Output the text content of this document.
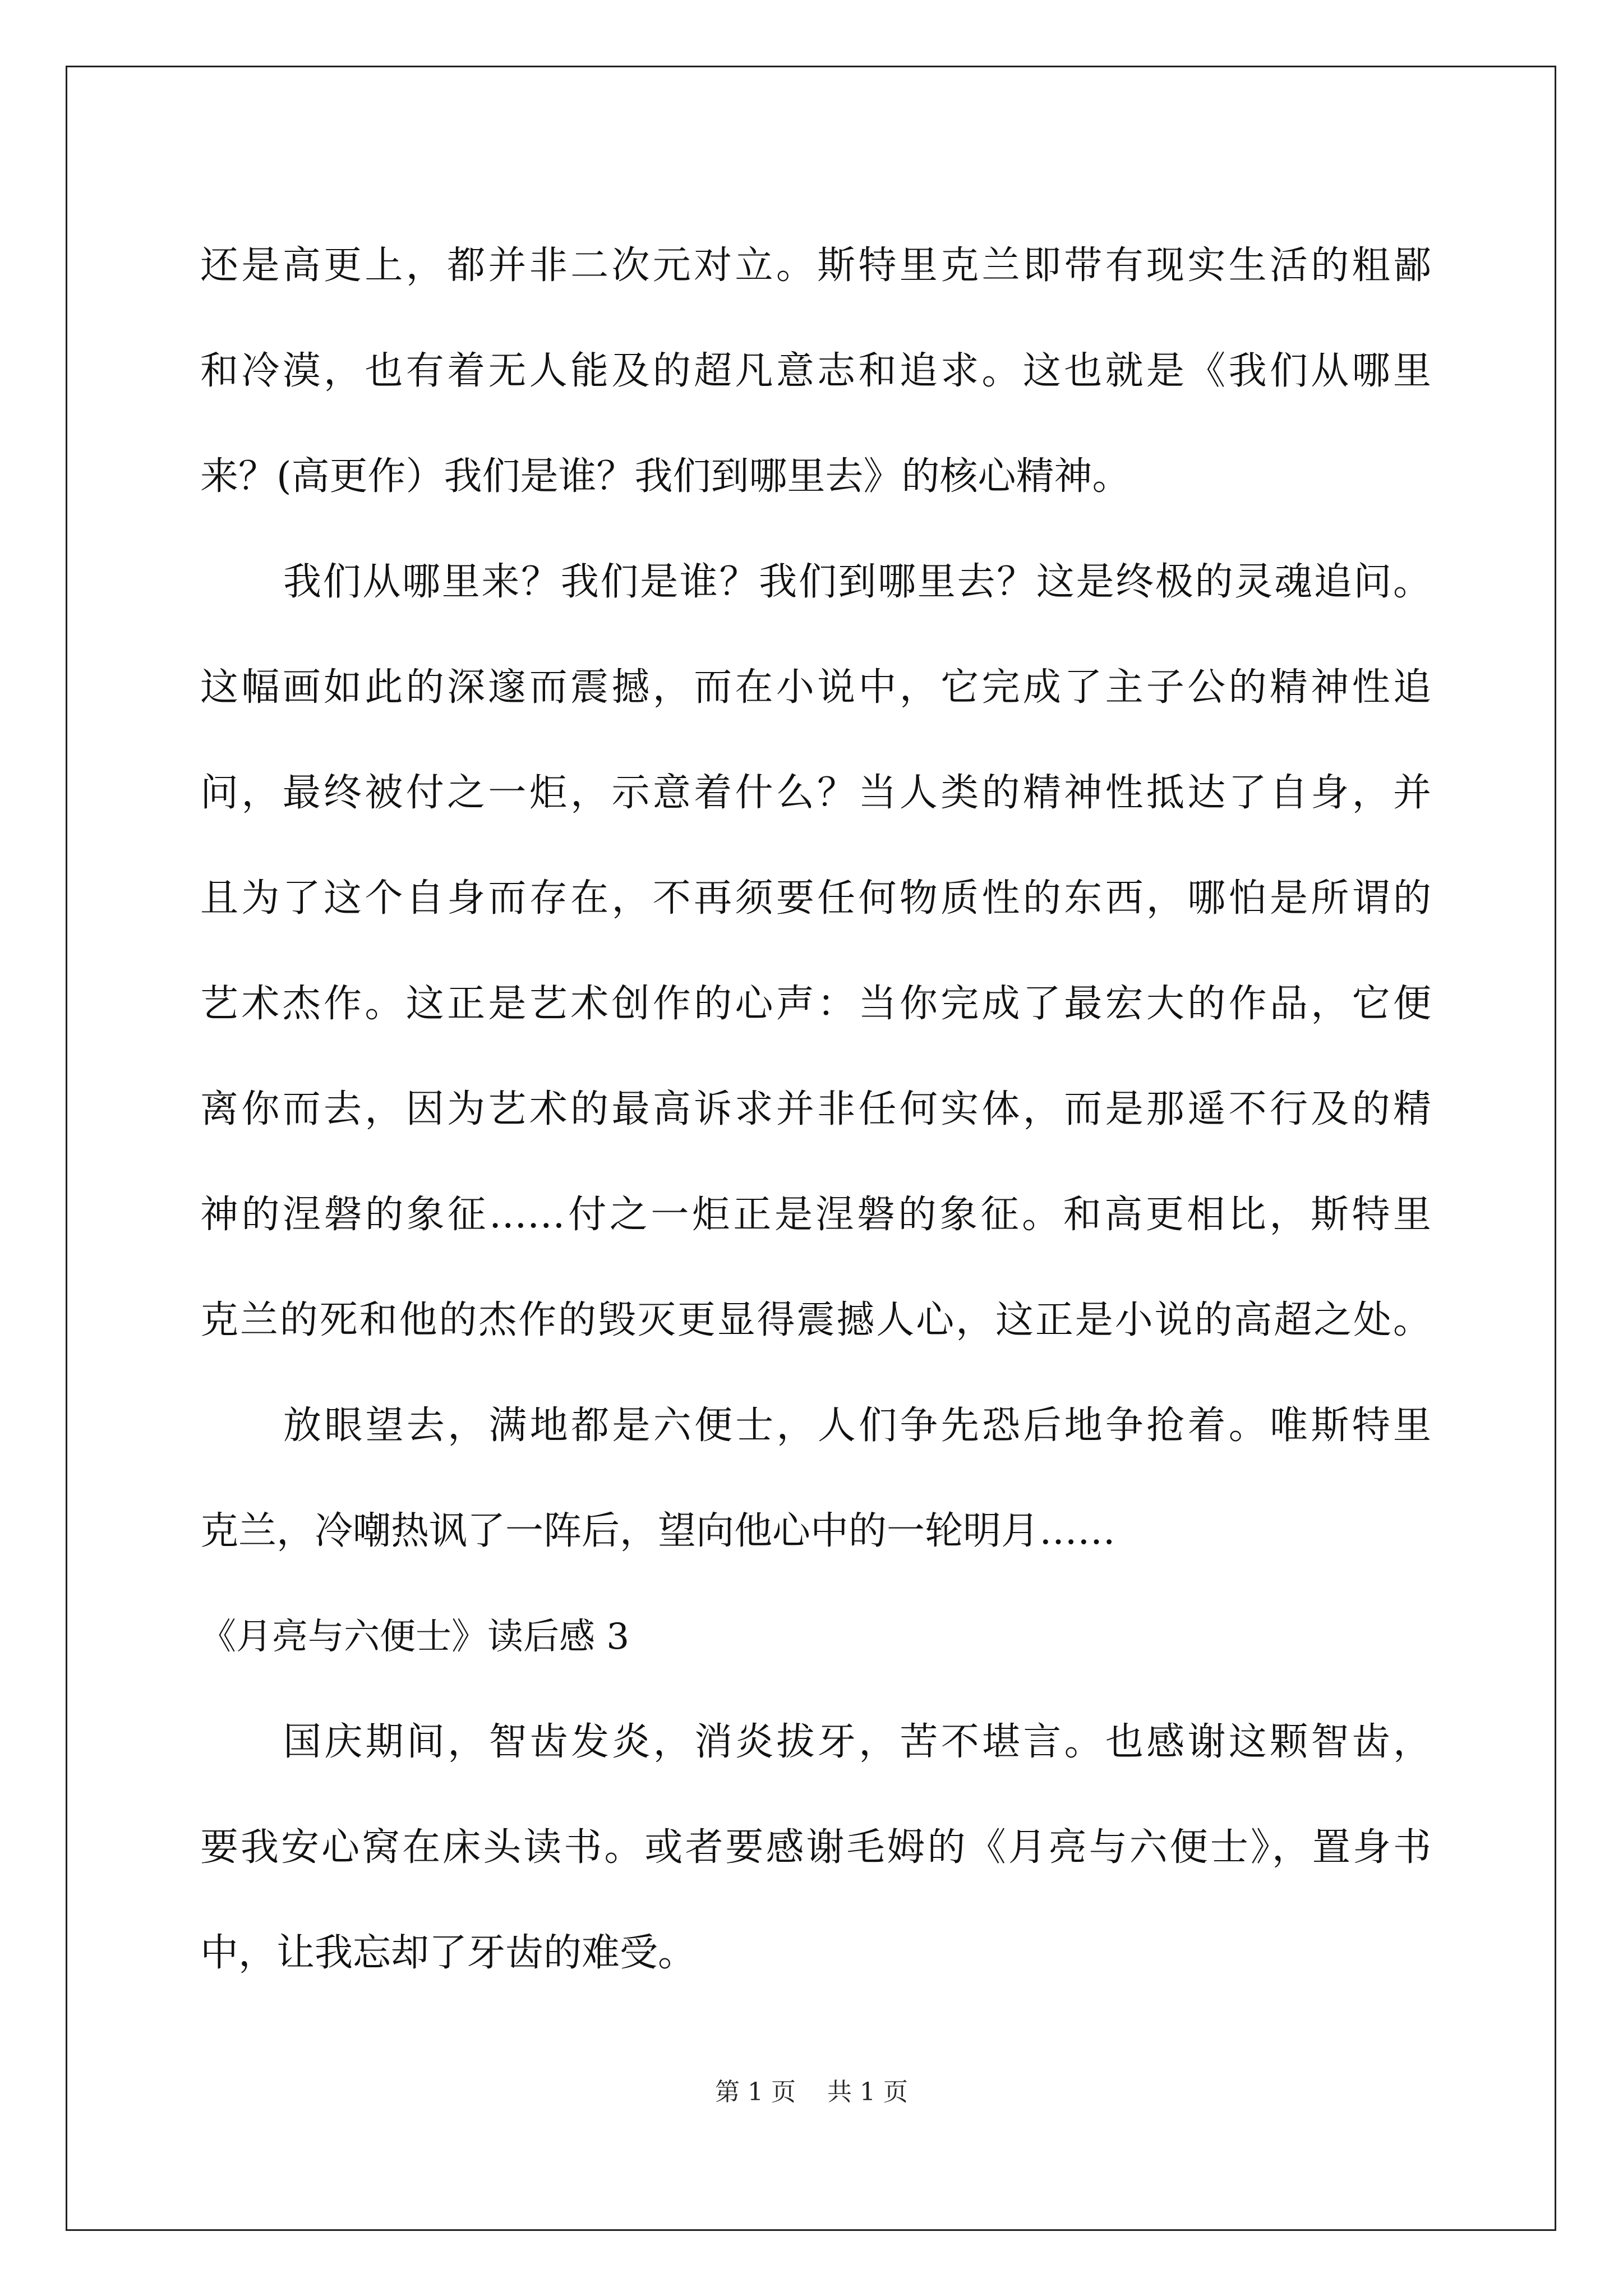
还是高更上，都并非二次元对立。斯特里克兰即带有现实生活的粗鄙
和冷漠，也有着无人能及的超凡意志和追求。这也就是《我们从哪里
来？(高更作）我们是谁？我们到哪里去》的核心精神。
我们从哪里来？我们是谁？我们到哪里去？这是终极的灵魂追问。
这幅画如此的深邃而震撼，而在小说中，它完成了主子公的精神性追
问，最终被付之一炬，示意着什么？当人类的精神性抵达了自身，并
且为了这个自身而存在，不再须要任何物质性的东西，哪怕是所谓的
艺术杰作。这正是艺术创作的心声：当你完成了最宏大的作品，它便
离你而去，因为艺术的最高诉求并非任何实体，而是那遥不行及的精
神的涅磐的象征……付之一炬正是涅磐的象征。和高更相比，斯特里
克兰的死和他的杰作的毁灭更显得震撼人心，这正是小说的高超之处。
放眼望去，满地都是六便士，人们争先恐后地争抢着。唯斯特里
克兰，冷嘲热讽了一阵后，望向他心中的一轮明月……
《月亮与六便士》读后感 3
国庆期间，智齿发炎，消炎拔牙，苦不堪言。也感谢这颗智齿，
要我安心窝在床头读书。或者要感谢毛姆的《月亮与六便士》，置身书
中，让我忘却了牙齿的难受。
第 1 页 共 1 页
